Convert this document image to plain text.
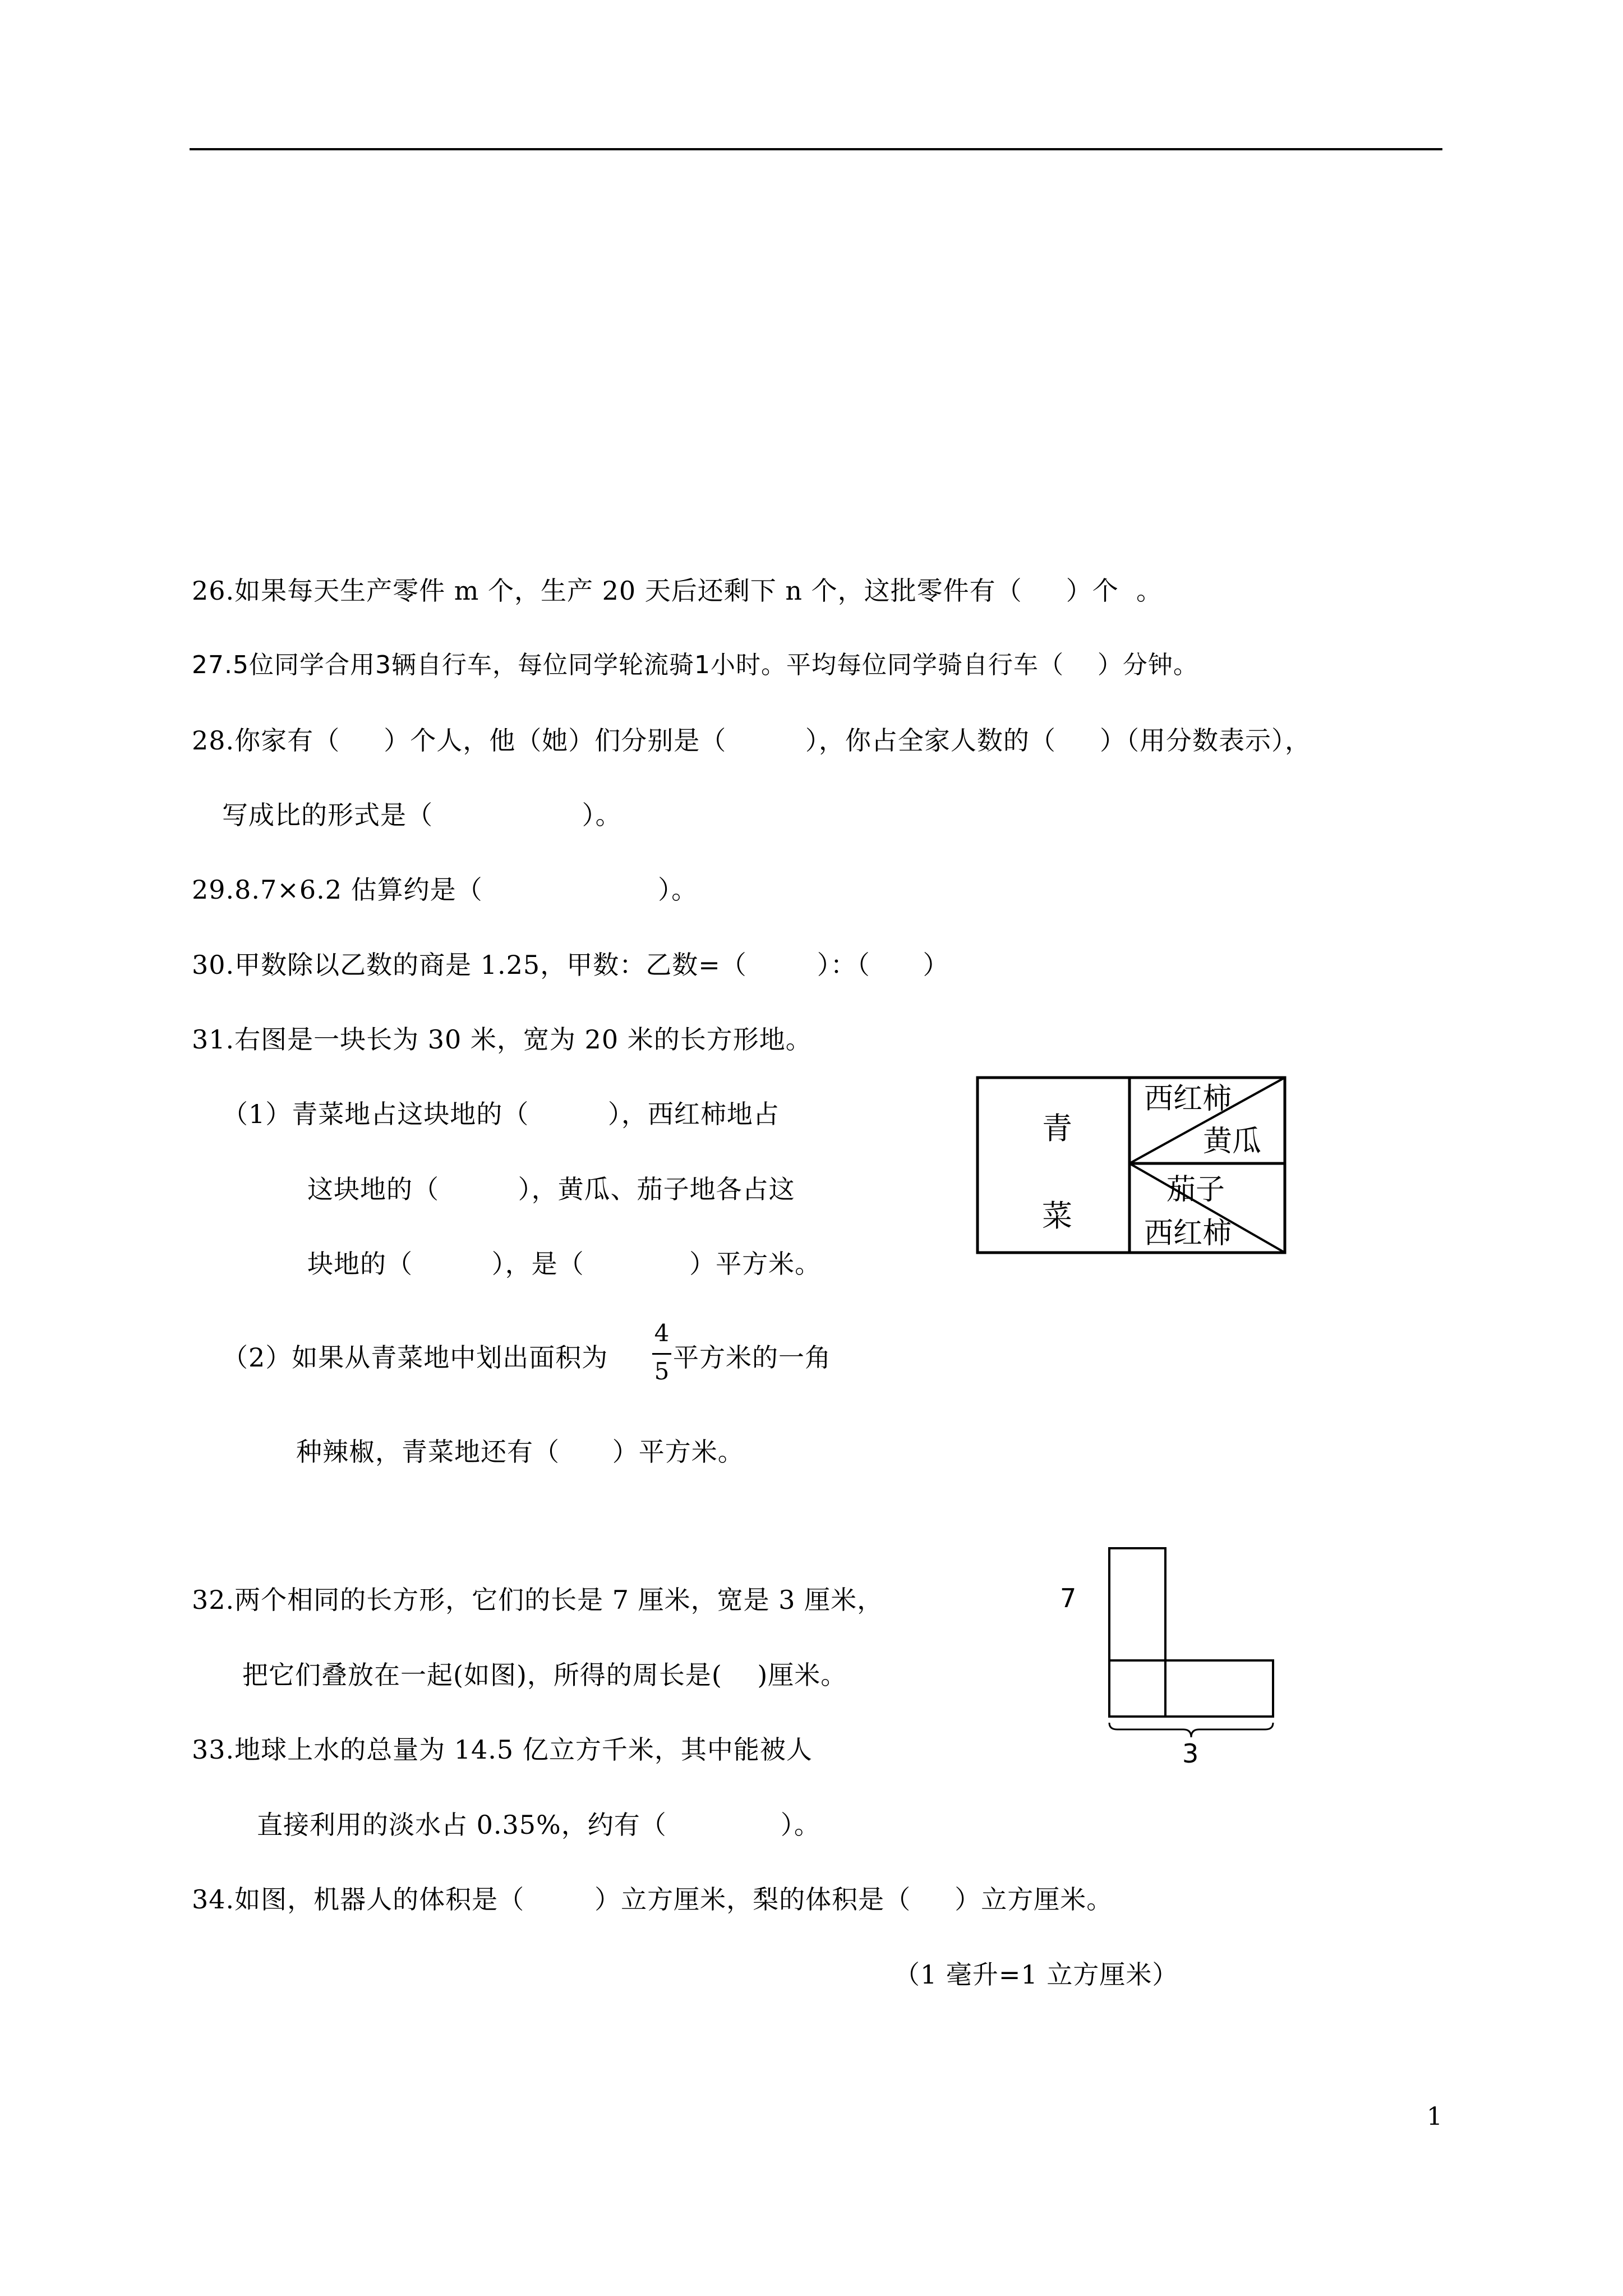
26.如果每天生产零件 m 个，生产 20 天后还剩下 n 个，这批零件有（     ）个  。
27.5位同学合用3辆自行车，每位同学轮流骑1小时。平均每位同学骑自行车（    ）分钟。
28.你家有（     ）个人，他（她）们分别是（         ），你占全家人数的（     ）（用分数表示），
写成比的形式是（                 ）。
29.8.7×6.2 估算约是（                    ）。
30.甲数除以乙数的商是 1.25，甲数：乙数=（        ）：（      ）
31.右图是一块长为 30 米，宽为 20 米的长方形地。
（1）青菜地占这块地的（         ），西红柿地占
这块地的（         ），黄瓜、茄子地各占这
块地的（         ），是（            ）平方米。
（2）如果从青菜地中划出面积为
4
5 平方米的一角
种辣椒，青菜地还有（      ）平方米。
青
菜
西红柿
黄瓜
茄子
西红柿
32.两个相同的长方形，它们的长是 7 厘米，宽是 3 厘米，
把它们叠放在一起(如图)，所得的周长是(    )厘米。
7
3
33.地球上水的总量为 14.5 亿立方千米，其中能被人
直接利用的淡水占 0.35%，约有（             ）。
34.如图，机器人的体积是（        ）立方厘米，梨的体积是（     ）立方厘米。
（1 毫升=1 立方厘米）
1
